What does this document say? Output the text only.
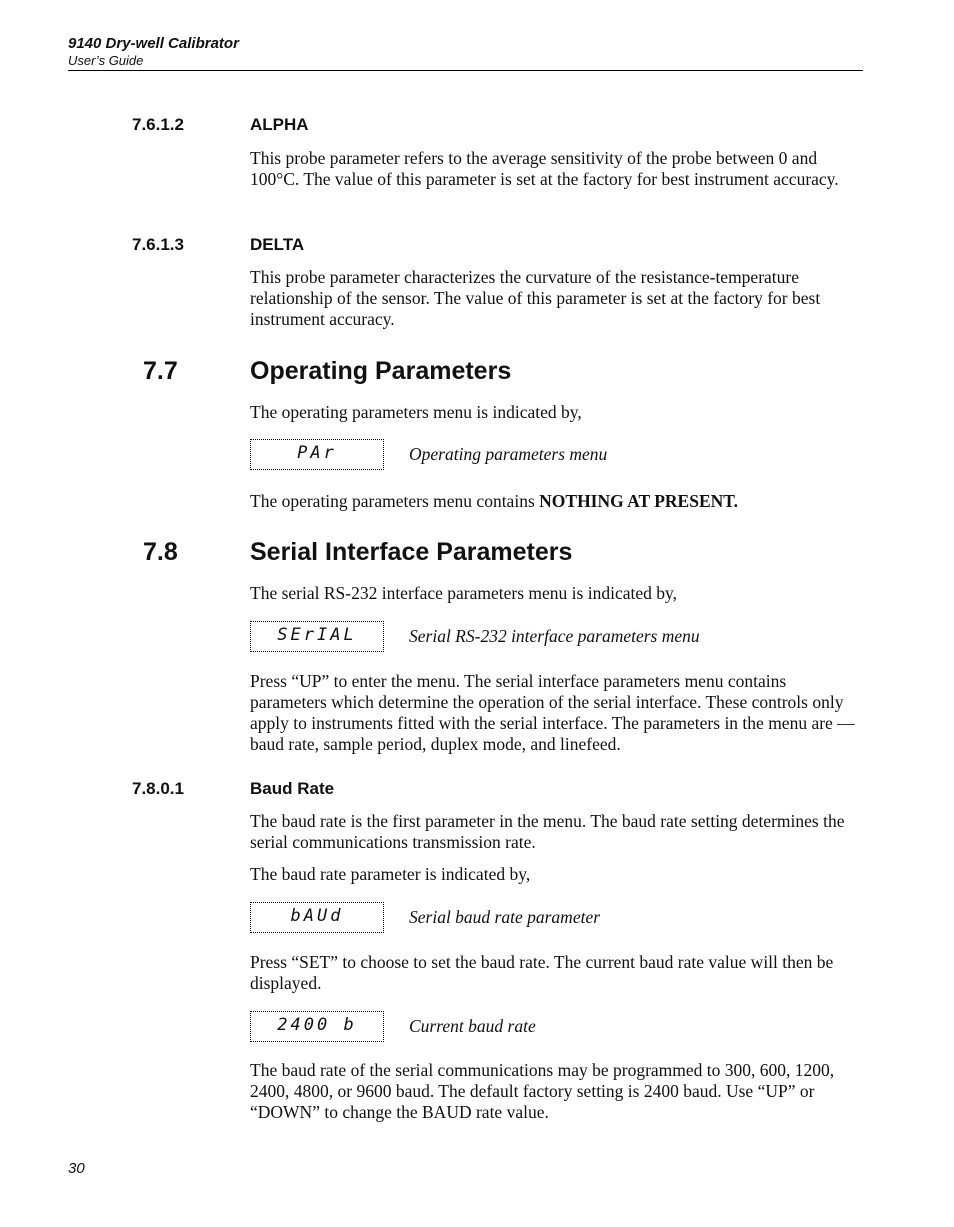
9140 Dry-well Calibrator
User’s Guide
7.6.1.2	ALPHA
This probe parameter refers to the average sensitivity of the probe between 0 and 100°C. The value of this parameter is set at the factory for best instrument accuracy.
7.6.1.3	DELTA
This probe parameter characterizes the curvature of the resistance-temperature relationship of the sensor. The value of this parameter is set at the factory for best instrument accuracy.
7.7	Operating Parameters
The operating parameters menu is indicated by,
PAr	Operating parameters menu
The operating parameters menu contains NOTHING AT PRESENT.
7.8	Serial Interface Parameters
The serial RS-232 interface parameters menu is indicated by,
SErIAL	Serial RS-232 interface parameters menu
Press “UP” to enter the menu. The serial interface parameters menu contains parameters which determine the operation of the serial interface. These controls only apply to instruments fitted with the serial interface. The parameters in the menu are — baud rate, sample period, duplex mode, and linefeed.
7.8.0.1	Baud Rate
The baud rate is the first parameter in the menu. The baud rate setting determines the serial communications transmission rate.
The baud rate parameter is indicated by,
bAUd	Serial baud rate parameter
Press “SET” to choose to set the baud rate. The current baud rate value will then be displayed.
2400 b	Current baud rate
The baud rate of the serial communications may be programmed to 300, 600, 1200, 2400, 4800, or 9600 baud. The default factory setting is 2400 baud. Use “UP” or “DOWN” to change the BAUD rate value.
30
